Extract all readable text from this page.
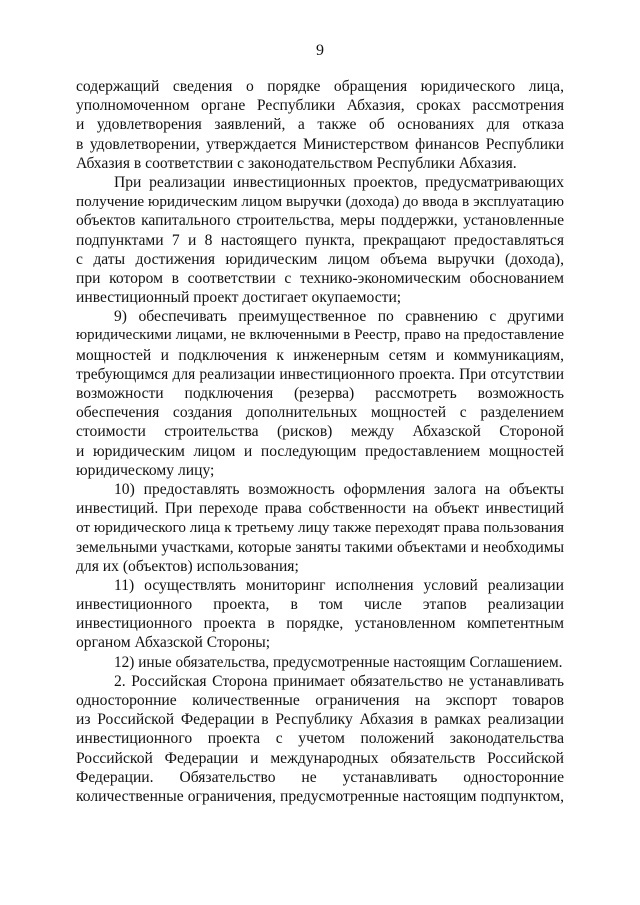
9
содержащий сведения о порядке обращения юридического лица,
уполномоченном органе Республики Абхазия, сроках рассмотрения
и удовлетворения заявлений, а также об основаниях для отказа
в удовлетворении, утверждается Министерством финансов Республики
Абхазия в соответствии с законодательством Республики Абхазия.
При реализации инвестиционных проектов, предусматривающих
получение юридическим лицом выручки (дохода) до ввода в эксплуатацию
объектов капитального строительства, меры поддержки, установленные
подпунктами 7 и 8 настоящего пункта, прекращают предоставляться
с даты достижения юридическим лицом объема выручки (дохода),
при котором в соответствии с технико-экономическим обоснованием
инвестиционный проект достигает окупаемости;
9) обеспечивать преимущественное по сравнению с другими
юридическими лицами, не включенными в Реестр, право на предоставление
мощностей и подключения к инженерным сетям и коммуникациям,
требующимся для реализации инвестиционного проекта. При отсутствии
возможности подключения (резерва) рассмотреть возможность
обеспечения создания дополнительных мощностей с разделением
стоимости строительства (рисков) между Абхазской Стороной
и юридическим лицом и последующим предоставлением мощностей
юридическому лицу;
10) предоставлять возможность оформления залога на объекты
инвестиций. При переходе права собственности на объект инвестиций
от юридического лица к третьему лицу также переходят права пользования
земельными участками, которые заняты такими объектами и необходимы
для их (объектов) использования;
11) осуществлять мониторинг исполнения условий реализации
инвестиционного проекта, в том числе этапов реализации
инвестиционного проекта в порядке, установленном компетентным
органом Абхазской Стороны;
12) иные обязательства, предусмотренные настоящим Соглашением.
2. Российская Сторона принимает обязательство не устанавливать
односторонние количественные ограничения на экспорт товаров
из Российской Федерации в Республику Абхазия в рамках реализации
инвестиционного проекта с учетом положений законодательства
Российской Федерации и международных обязательств Российской
Федерации. Обязательство не устанавливать односторонние
количественные ограничения, предусмотренные настоящим подпунктом,
